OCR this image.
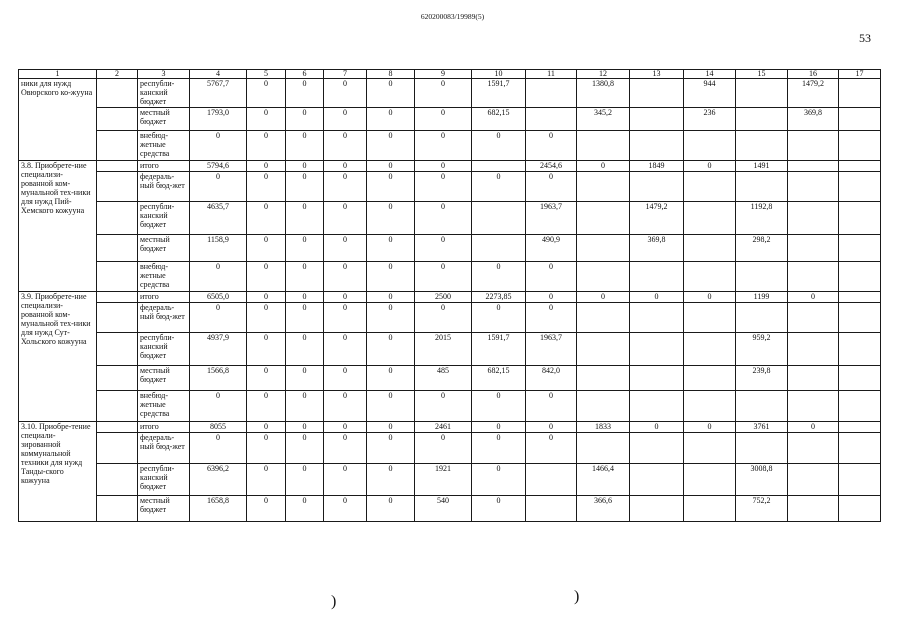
620200083/19989(5)
53
1	2	3	4	5	6	7	8	9	10	11	12	13	14	15	16	17
ники для нужд Овюрского ко-жууна		республи-канский бюджет	5767,7	0	0	0	0	0	1591,7		1380,8		944		1479,2	
		местный бюджет	1793,0	0	0	0	0	0	682,15		345,2		236		369,8	
		внебюд-жетные средства	0	0	0	0	0	0	0	0						
3.8. Приобрете-ние специализи-рованной ком-мунальной тех-ники для нужд Пий-Хемского кожууна		итого	5794,6	0	0	0	0	0		2454,6	0	1849	0	1491		
		федераль-ный бюд-жет	0	0	0	0	0	0	0	0						
		республи-канский бюджет	4635,7	0	0	0	0	0		1963,7		1479,2		1192,8		
		местный бюджет	1158,9	0	0	0	0	0		490,9		369,8		298,2		
		внебюд-жетные средства	0	0	0	0	0	0	0	0						
3.9. Приобрете-ние специализи-рованной ком-мунальной тех-ники для нужд Сут-Хольского кожууна		итого	6505,0	0	0	0	0	2500	2273,85	0	0	0	0	1199	0	
		федераль-ный бюд-жет	0	0	0	0	0	0	0	0						
		республи-канский бюджет	4937,9	0	0	0	0	2015	1591,7	1963,7				959,2		
		местный бюджет	1566,8	0	0	0	0	485	682,15	842,0				239,8		
		внебюд-жетные средства	0	0	0	0	0	0	0	0						
3.10. Приобре-тение специали-зированной коммунальной техники для нужд Танды-ского кожууна		итого	8055	0	0	0	0	2461	0	0	1833	0	0	3761	0	
		федераль-ный бюд-жет	0	0	0	0	0	0	0	0						
		республи-канский бюджет	6396,2	0	0	0	0	1921	0		1466,4			3008,8		
		местный бюджет	1658,8	0	0	0	0	540	0		366,6			752,2		
)	)
